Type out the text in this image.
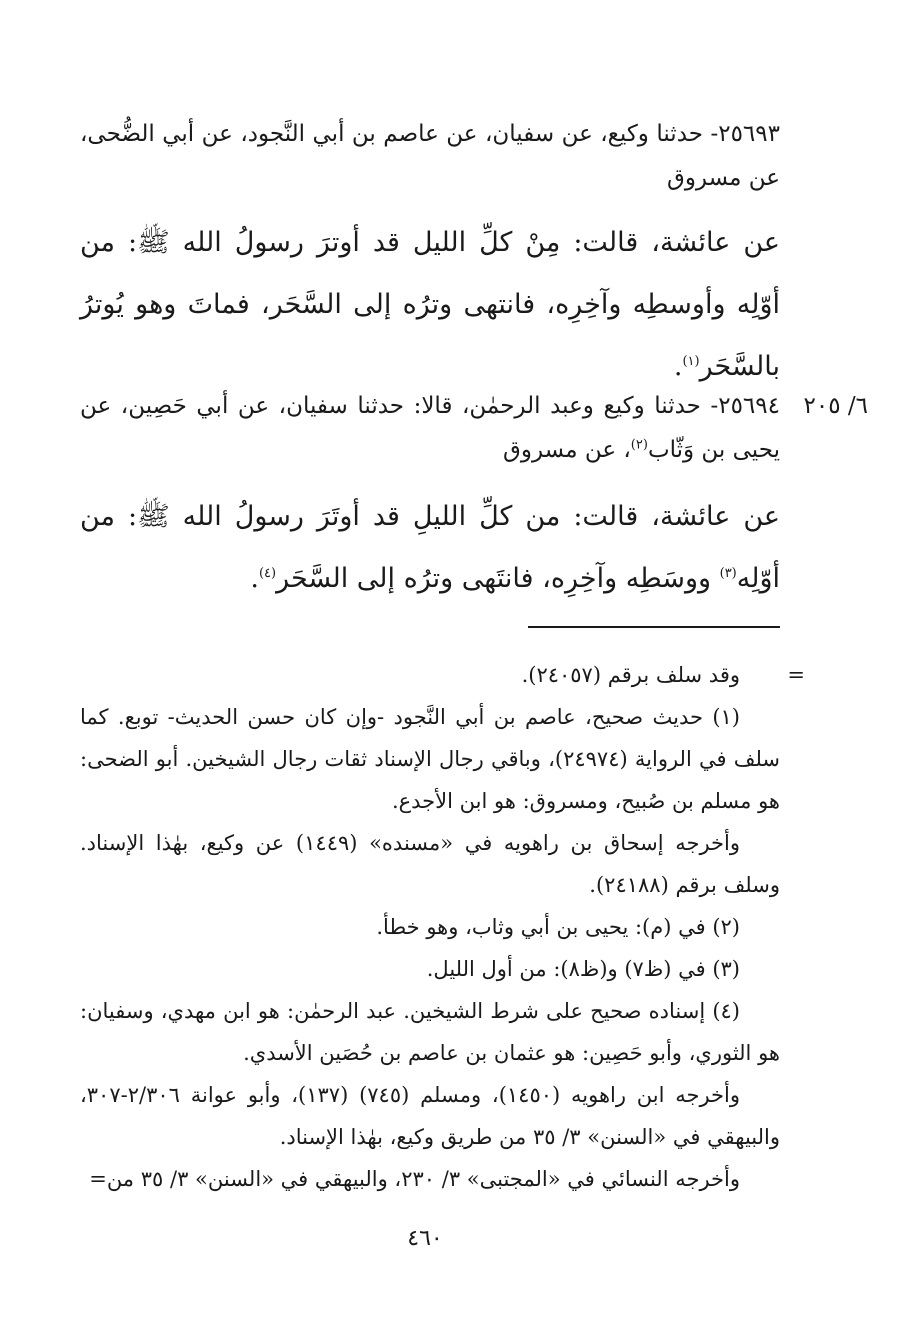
٦/ ٢٠٥

٢٥٦٩٣- حدثنا وكيع، عن سفيان، عن عاصم بن أبي النَّجود، عن أبي الضُّحى، عن مسروق

عن عائشة، قالت: مِنْ كلِّ الليل قد أوترَ رسولُ الله ﷺ: من أوّلِه وأوسطِه وآخِرِه، فانتهى وترُه إلى السَّحَر، فماتَ وهو يُوترُ بالسَّحَر$^{(١)}$.

٢٥٦٩٤- حدثنا وكيع وعبد الرحمٰن، قالا: حدثنا سفيان، عن أبي حَصِين، عن يحيى بن وَثّاب$^{(٢)}$، عن مسروق

عن عائشة، قالت: من كلِّ الليلِ قد أوتَرَ رسولُ الله ﷺ: من أوّلِه$^{(٣)}$ ووسَطِه وآخِرِه، فانتَهى وترُه إلى السَّحَر$^{(٤)}$.

وقد سلف برقم (٢٤٠٥٧).

(١) حديث صحيح، عاصم بن أبي النَّجود -وإن كان حسن الحديث- توبع. كما سلف في الرواية (٢٤٩٧٤)، وباقي رجال الإسناد ثقات رجال الشيخين. أبو الضحى: هو مسلم بن صُبيح، ومسروق: هو ابن الأجدع.

وأخرجه إسحاق بن راهويه في «مسنده» (١٤٤٩) عن وكيع، بهٰذا الإسناد. وسلف برقم (٢٤١٨٨).

(٢) في (م): يحيى بن أبي وثاب، وهو خطأ.

(٣) في (ظ٧) و(ظ٨): من أول الليل.

(٤) إسناده صحيح على شرط الشيخين. عبد الرحمٰن: هو ابن مهدي، وسفيان: هو الثوري، وأبو حَصِين: هو عثمان بن عاصم بن حُصَين الأسدي.

وأخرجه ابن راهويه (١٤٥٠)، ومسلم (٧٤٥) (١٣٧)، وأبو عوانة ٢/٣٠٦-٣٠٧، والبيهقي في «السنن» ٣/ ٣٥ من طريق وكيع، بهٰذا الإسناد.

وأخرجه النسائي في «المجتبى» ٣/ ٢٣٠، والبيهقي في «السنن» ٣/ ٣٥ من=

=
٤٦٠
